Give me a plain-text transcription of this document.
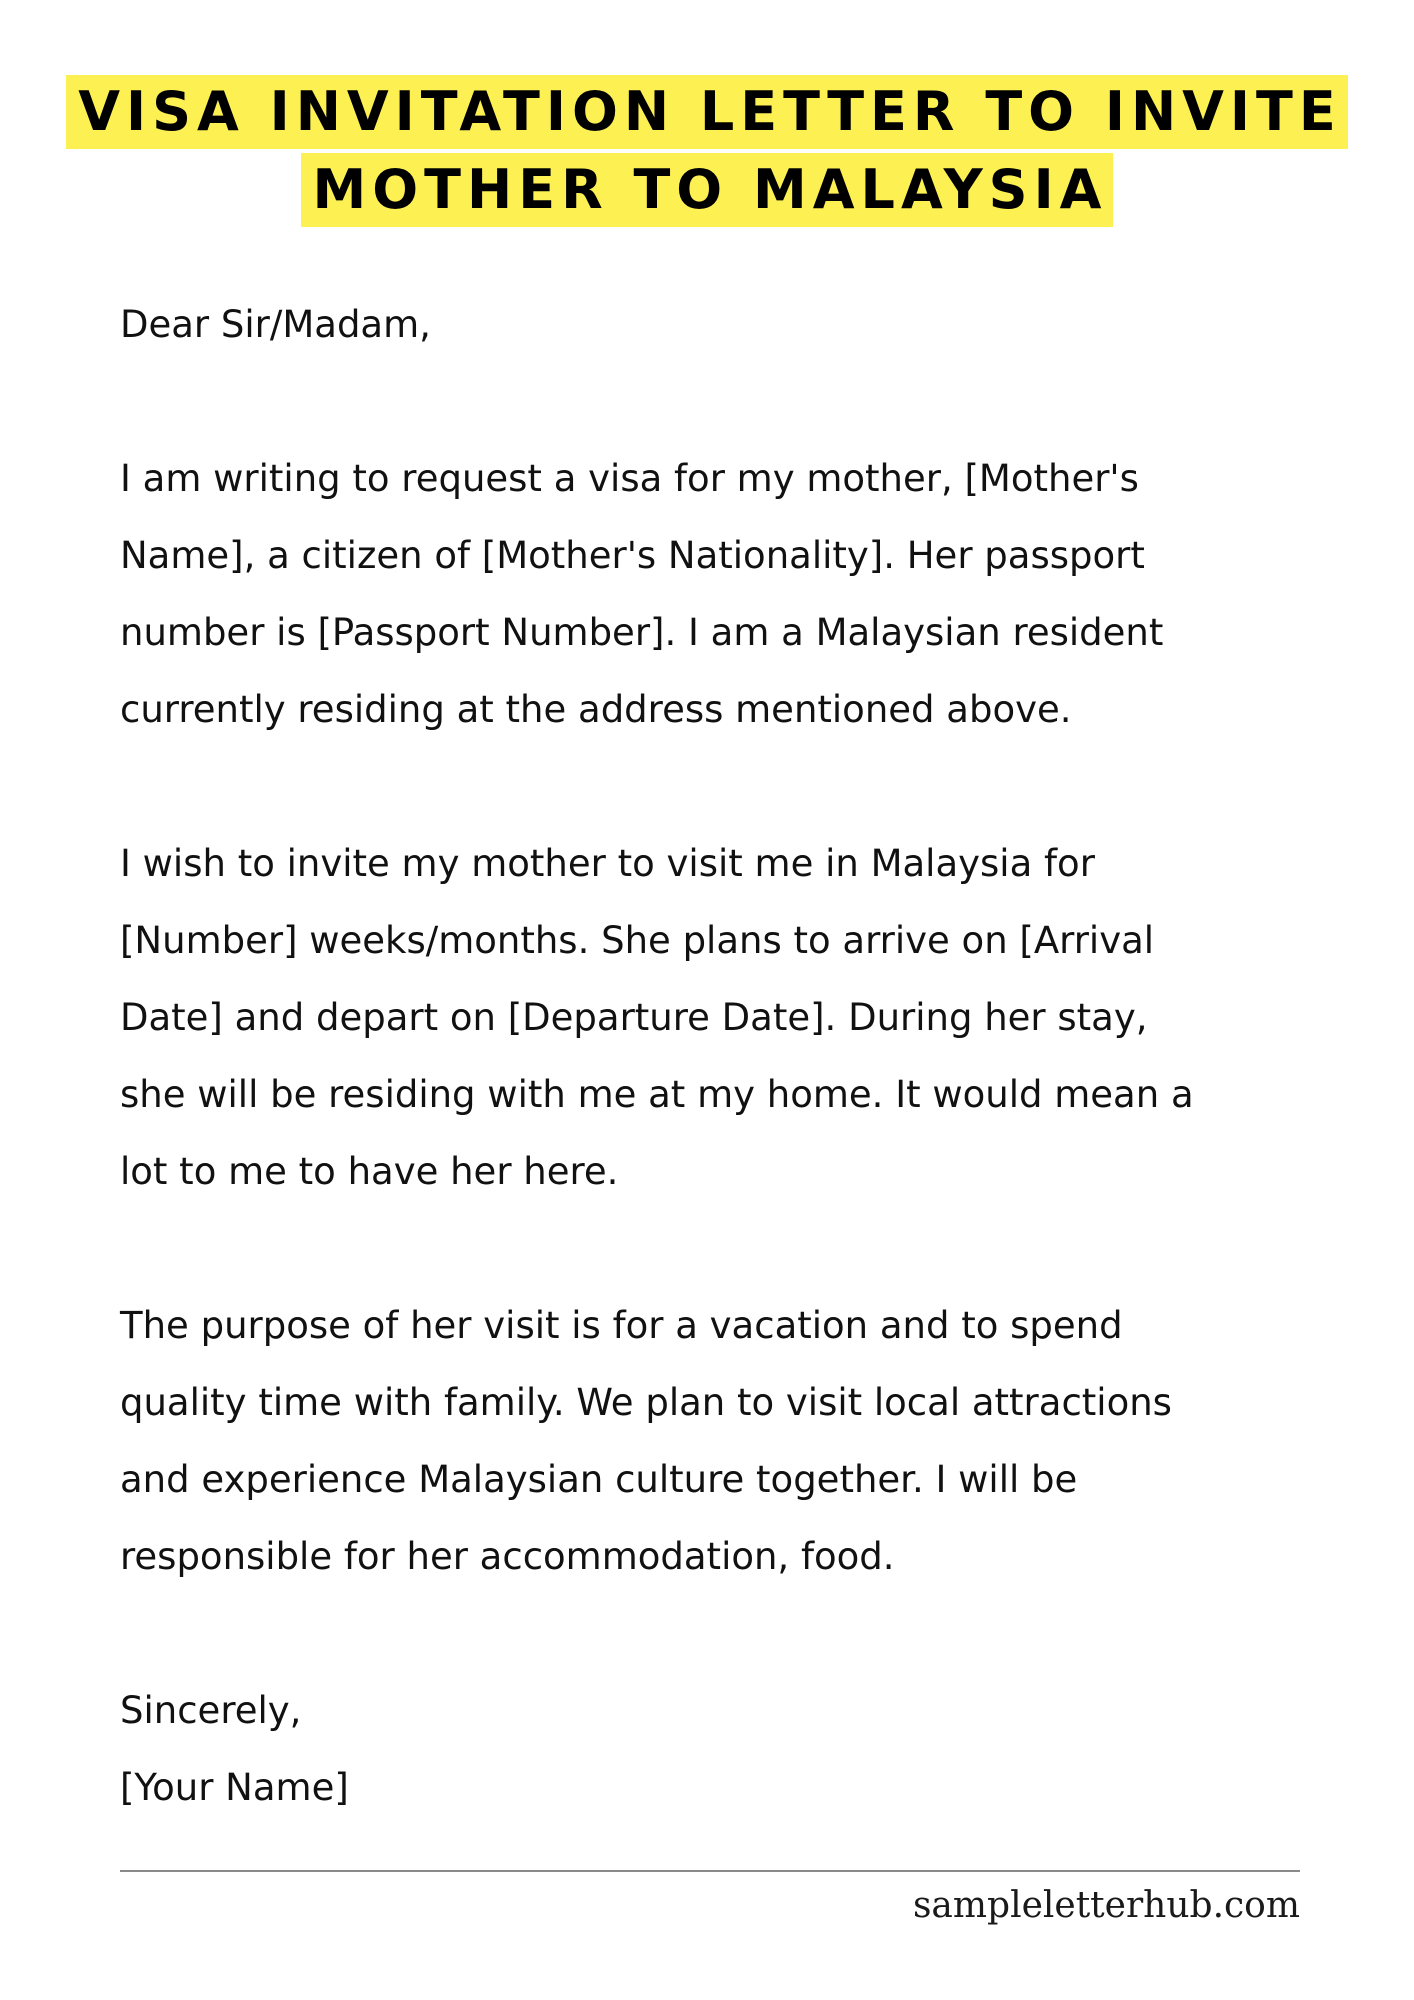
VISA INVITATION LETTER TO INVITE
MOTHER TO MALAYSIA

Dear Sir/Madam,

I am writing to request a visa for my mother, [Mother's

Name], a citizen of [Mother's Nationality]. Her passport

number is [Passport Number]. I am a Malaysian resident

currently residing at the address mentioned above.

I wish to invite my mother to visit me in Malaysia for

[Number] weeks/months. She plans to arrive on [Arrival

Date] and depart on [Departure Date]. During her stay,

she will be residing with me at my home. It would mean a

lot to me to have her here.

The purpose of her visit is for a vacation and to spend

quality time with family. We plan to visit local attractions

and experience Malaysian culture together. I will be

responsible for her accommodation, food.

Sincerely,

[Your Name]

sampleletterhub.com
